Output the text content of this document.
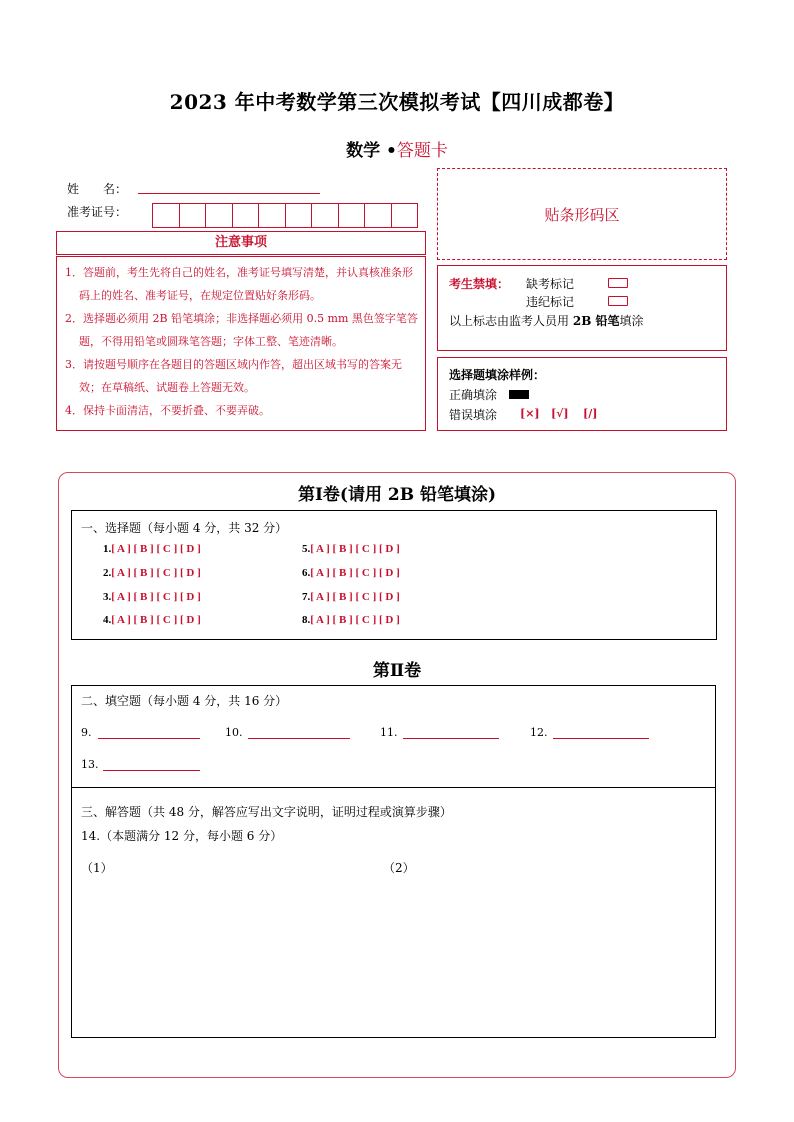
2023 年中考数学第三次模拟考试【四川成都卷】
数学 •答题卡
姓　　名：
准考证号：	贴条形码区
注意事项
1．答题前，考生先将自己的姓名，准考证号填写清楚，并认真核准条形码上的姓名、准考证号，在规定位置贴好条形码。
2．选择题必须用 2B 铅笔填涂；非选择题必须用 0.5 mm 黑色签字笔答题，不得用铅笔或圆珠笔答题；字体工整、笔迹清晰。
3．请按题号顺序在各题目的答题区域内作答，超出区域书写的答案无效；在草稿纸、试题卷上答题无效。
4．保持卡面清洁，不要折叠、不要弄破。
考生禁填： 缺考标记
违纪标记
以上标志由监考人员用 2B 铅笔填涂
选择题填涂样例：
正确填涂
错误填涂 [×] [√] [/]
第Ⅰ卷(请用 2B 铅笔填涂)
一、选择题（每小题 4 分，共 32 分）
1.[ A ] [ B ] [ C ] [ D ]
2.[ A ] [ B ] [ C ] [ D ]
3.[ A ] [ B ] [ C ] [ D ]
4.[ A ] [ B ] [ C ] [ D ]
5.[ A ] [ B ] [ C ] [ D ]
6.[ A ] [ B ] [ C ] [ D ]
7.[ A ] [ B ] [ C ] [ D ]
8.[ A ] [ B ] [ C ] [ D ]
第Ⅱ卷
二、填空题（每小题 4 分，共 16 分）
9.	10.	11.	12.
13.
三、解答题（共 48 分，解答应写出文字说明，证明过程或演算步骤）
14.（本题满分 12 分，每小题 6 分）
（1）	（2）
